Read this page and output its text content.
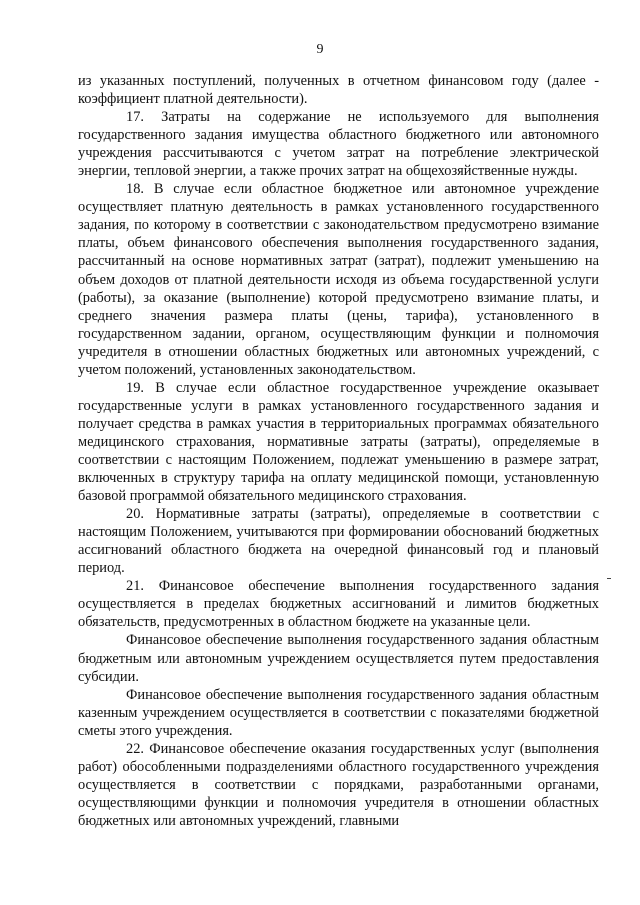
9

из указанных поступлений, полученных в отчетном финансовом году (далее - коэффициент платной деятельности).

17. Затраты на содержание не используемого для выполнения государственного задания имущества областного бюджетного или автономного учреждения рассчитываются с учетом затрат на потребление электрической энергии, тепловой энергии, а также прочих затрат на общехозяйственные нужды.

18. В случае если областное бюджетное или автономное учреждение осуществляет платную деятельность в рамках установленного государственного задания, по которому в соответствии с законодательством предусмотрено взимание платы, объем финансового обеспечения выполнения государственного задания, рассчитанный на основе нормативных затрат (затрат), подлежит уменьшению на объем доходов от платной деятельности исходя из объема государственной услуги (работы), за оказание (выполнение) которой предусмотрено взимание платы, и среднего значения размера платы (цены, тарифа), установленного в государственном задании, органом, осуществляющим функции и полномочия учредителя в отношении областных бюджетных или автономных учреждений, с учетом положений, установленных законодательством.

19. В случае если областное государственное учреждение оказывает государственные услуги в рамках установленного государственного задания и получает средства в рамках участия в территориальных программах обязательного медицинского страхования, нормативные затраты (затраты), определяемые в соответствии с настоящим Положением, подлежат уменьшению в размере затрат, включенных в структуру тарифа на оплату медицинской помощи, установленную базовой программой обязательного медицинского страхования.

20. Нормативные затраты (затраты), определяемые в соответствии с настоящим Положением, учитываются при формировании обоснований бюджетных ассигнований областного бюджета на очередной финансовый год и плановый период.

21. Финансовое обеспечение выполнения государственного задания осуществляется в пределах бюджетных ассигнований и лимитов бюджетных обязательств, предусмотренных в областном бюджете на указанные цели.

Финансовое обеспечение выполнения государственного задания областным бюджетным или автономным учреждением осуществляется путем предоставления субсидии.

Финансовое обеспечение выполнения государственного задания областным казенным учреждением осуществляется в соответствии с показателями бюджетной сметы этого учреждения.

22. Финансовое обеспечение оказания государственных услуг (выполнения работ) обособленными подразделениями областного государственного учреждения осуществляется в соответствии с порядками, разработанными органами, осуществляющими функции и полномочия учредителя в отношении областных бюджетных или автономных учреждений, главными
